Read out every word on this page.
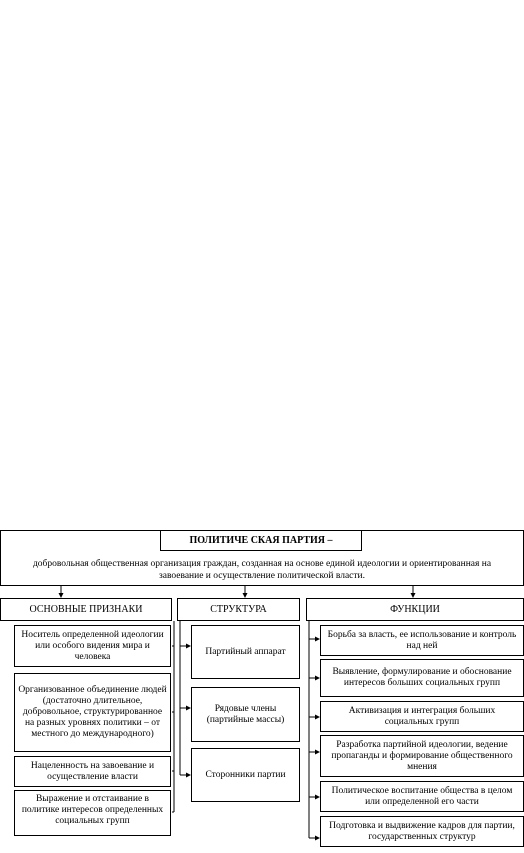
ПОЛИТИЧЕ СКАЯ ПАРТИЯ –
добровольная общественная организация граждан, созданная на основе единой идеологии и ориентированная на завоевание и осуществление политической власти.
ОСНОВНЫЕ ПРИЗНАКИ	СТРУКТУРА	ФУНКЦИИ
Носитель определенной идеологии или особого видения мира и человека
Организованное объединение людей (достаточно длительное, добровольное, структурированное на разных уровнях политики – от местного до международного)
Нацеленность на завоевание и осуществление власти
Выражение и отстаивание в политике интересов определенных социальных групп
Партийный аппарат
Рядовые члены (партийные массы)
Сторонники партии
Борьба за власть, ее использование и контроль над ней
Выявление, формулирование и обоснование интересов больших социальных групп
Активизация и интеграция больших социальных групп
Разработка партийной идеологии, ведение пропаганды и формирование общественного мнения
Политическое воспитание общества в целом или определенной его части
Подготовка и выдвижение кадров для партии, государственных структур
